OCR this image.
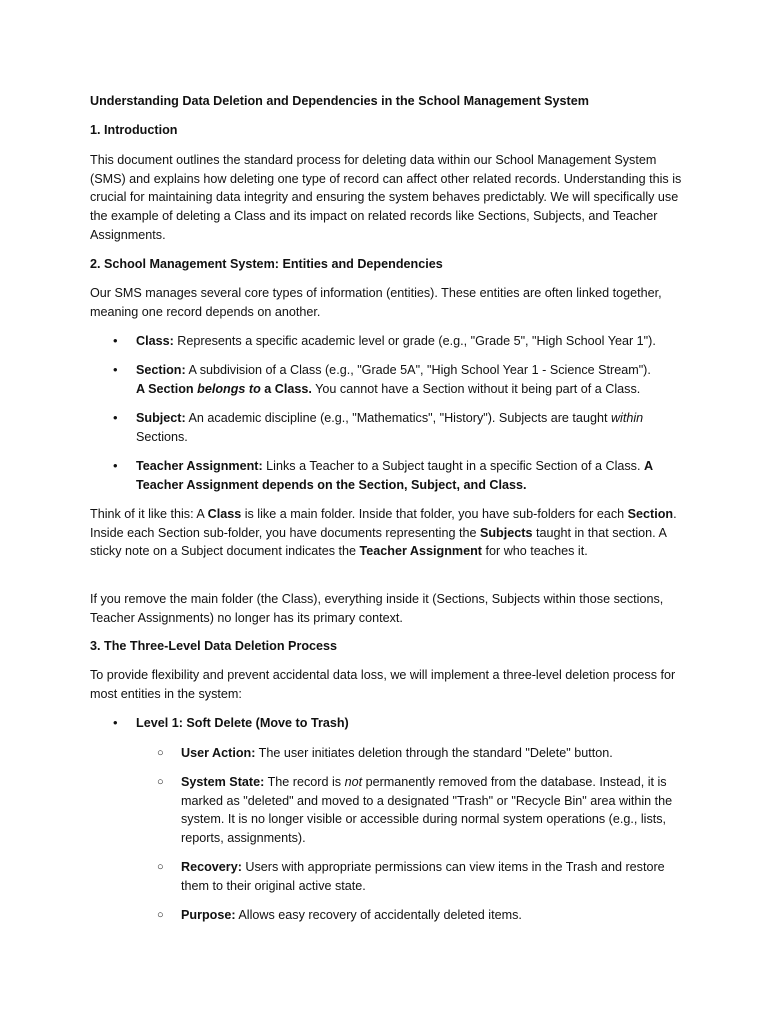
Understanding Data Deletion and Dependencies in the School Management System

1. Introduction

This document outlines the standard process for deleting data within our School Management System (SMS) and explains how deleting one type of record can affect other related records. Understanding this is crucial for maintaining data integrity and ensuring the system behaves predictably. We will specifically use the example of deleting a Class and its impact on related records like Sections, Subjects, and Teacher Assignments.

2. School Management System: Entities and Dependencies

Our SMS manages several core types of information (entities). These entities are often linked together, meaning one record depends on another.

• Class: Represents a specific academic level or grade (e.g., "Grade 5", "High School Year 1").

• Section: A subdivision of a Class (e.g., "Grade 5A", "High School Year 1 - Science Stream").
A Section belongs to a Class. You cannot have a Section without it being part of a Class.

• Subject: An academic discipline (e.g., "Mathematics", "History"). Subjects are taught within
Sections.

• Teacher Assignment: Links a Teacher to a Subject taught in a specific Section of a Class. A Teacher Assignment depends on the Section, Subject, and Class.

Think of it like this: A Class is like a main folder. Inside that folder, you have sub-folders for each Section. Inside each Section sub-folder, you have documents representing the Subjects taught in that section. A sticky note on a Subject document indicates the Teacher Assignment for who teaches it.

If you remove the main folder (the Class), everything inside it (Sections, Subjects within those sections, Teacher Assignments) no longer has its primary context.

3. The Three-Level Data Deletion Process

To provide flexibility and prevent accidental data loss, we will implement a three-level deletion process for most entities in the system:

• Level 1: Soft Delete (Move to Trash)

○ User Action: The user initiates deletion through the standard "Delete" button.

○ System State: The record is not permanently removed from the database. Instead, it is marked as "deleted" and moved to a designated "Trash" or "Recycle Bin" area within the system. It is no longer visible or accessible during normal system operations (e.g., lists, reports, assignments).

○ Recovery: Users with appropriate permissions can view items in the Trash and restore them to their original active state.

○ Purpose: Allows easy recovery of accidentally deleted items.
